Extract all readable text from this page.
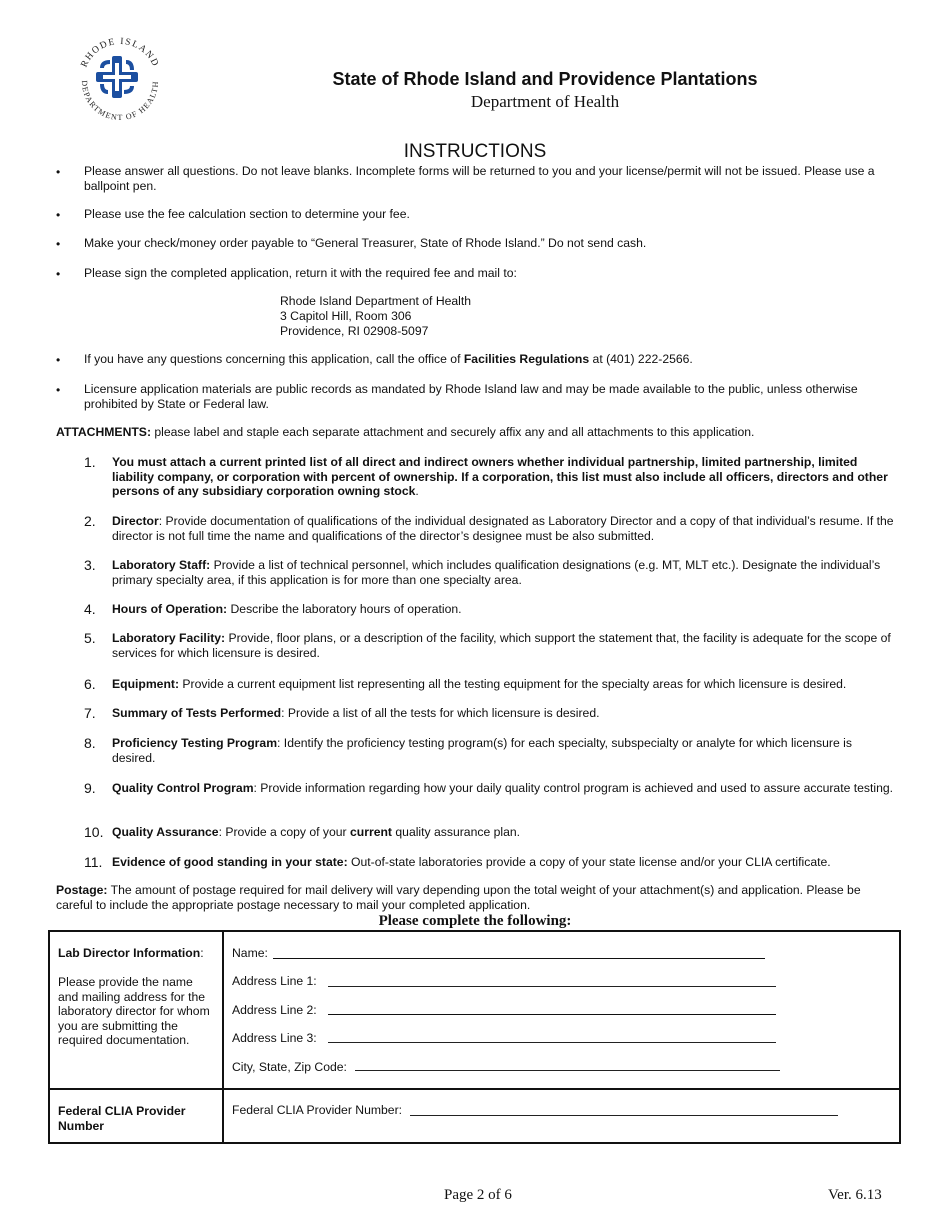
RHODE ISLAND
DEPARTMENT OF HEALTH	State of Rhode Island and Providence Plantations
Department of Health
INSTRUCTIONS
• Please answer all questions. Do not leave blanks. Incomplete forms will be returned to you and your license/permit will not be issued. Please use a ballpoint pen.
• Please use the fee calculation section to determine your fee.
• Make your check/money order payable to “General Treasurer, State of Rhode Island.” Do not send cash.
• Please sign the completed application, return it with the required fee and mail to:
Rhode Island Department of Health
3 Capitol Hill, Room 306
Providence, RI 02908-5097
• If you have any questions concerning this application, call the office of Facilities Regulations at (401) 222-2566.
• Licensure application materials are public records as mandated by Rhode Island law and may be made available to the public, unless otherwise prohibited by State or Federal law.
ATTACHMENTS: please label and staple each separate attachment and securely affix any and all attachments to this application.
1. You must attach a current printed list of all direct and indirect owners whether individual partnership, limited partnership, limited liability company, or corporation with percent of ownership. If a corporation, this list must also include all officers, directors and other persons of any subsidiary corporation owning stock.
2. Director: Provide documentation of qualifications of the individual designated as Laboratory Director and a copy of that individual’s resume. If the director is not full time the name and qualifications of the director’s designee must be also submitted.
3. Laboratory Staff: Provide a list of technical personnel, which includes qualification designations (e.g. MT, MLT etc.). Designate the individual’s primary specialty area, if this application is for more than one specialty area.
4. Hours of Operation: Describe the laboratory hours of operation.
5. Laboratory Facility: Provide, floor plans, or a description of the facility, which support the statement that, the facility is adequate for the scope of services for which licensure is desired.
6. Equipment: Provide a current equipment list representing all the testing equipment for the specialty areas for which licensure is desired.
7. Summary of Tests Performed: Provide a list of all the tests for which licensure is desired.
8. Proficiency Testing Program: Identify the proficiency testing program(s) for each specialty, subspecialty or analyte for which licensure is desired.
9. Quality Control Program: Provide information regarding how your daily quality control program is achieved and used to assure accurate testing.
10. Quality Assurance: Provide a copy of your current quality assurance plan.
11. Evidence of good standing in your state: Out-of-state laboratories provide a copy of your state license and/or your CLIA certificate.
Postage: The amount of postage required for mail delivery will vary depending upon the total weight of your attachment(s) and application. Please be careful to include the appropriate postage necessary to mail your completed application.
Please complete the following:
Lab Director Information:
Please provide the name and mailing address for the laboratory director for whom you are submitting the required documentation.
Name:
Address Line 1:
Address Line 2:
Address Line 3:
City, State, Zip Code:
Federal CLIA Provider Number
Federal CLIA Provider Number:
Page 2 of 6	Ver. 6.13
